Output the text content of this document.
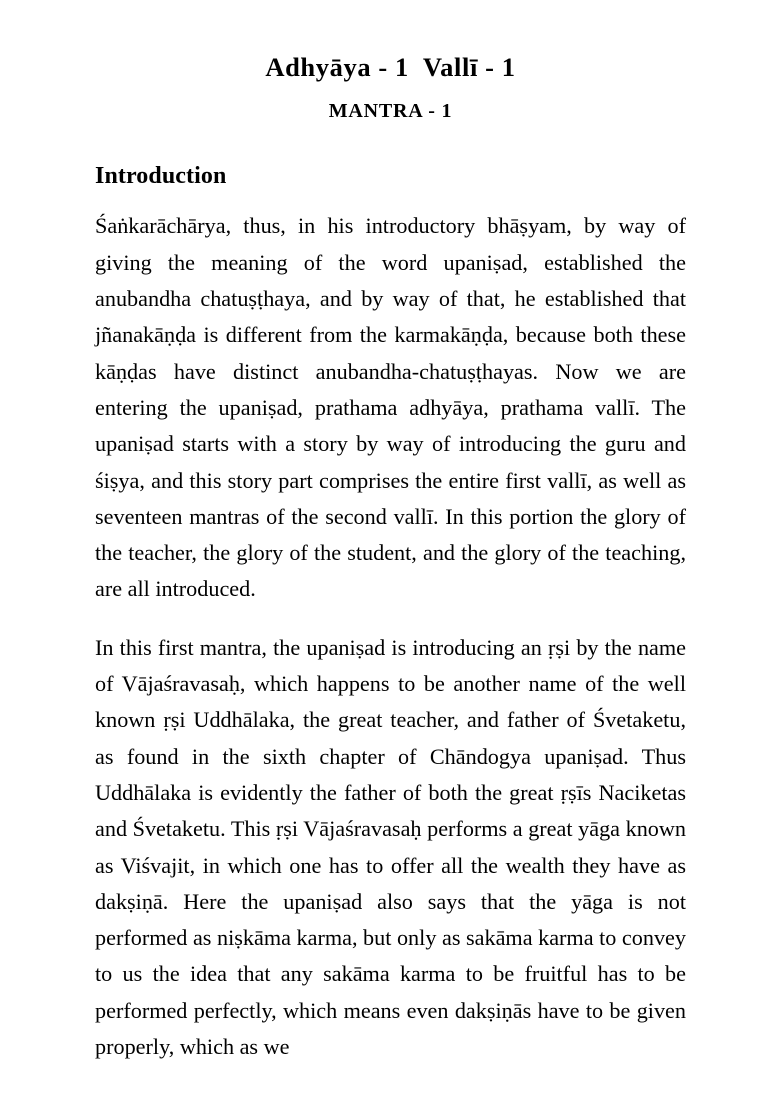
Adhyāya - 1  Vallī - 1
MANTRA - 1
Introduction

Śaṅkarāchārya, thus, in his introductory bhāṣyam, by way of giving the meaning of the word upaniṣad, established the anubandha chatuṣṭhaya, and by way of that, he established that jñanakāṇḍa is different from the karmakāṇḍa, because both these kāṇḍas have distinct anubandha-chatuṣṭhayas. Now we are entering the upaniṣad, prathama adhyāya, prathama vallī. The upaniṣad starts with a story by way of introducing the guru and śiṣya, and this story part comprises the entire first vallī, as well as seventeen mantras of the second vallī. In this portion the glory of the teacher, the glory of the student, and the glory of the teaching, are all introduced.

In this first mantra, the upaniṣad is introducing an ṛṣi by the name of Vājaśravasaḥ, which happens to be another name of the well known ṛṣi Uddhālaka, the great teacher, and father of Śvetaketu, as found in the sixth chapter of Chāndogya upaniṣad. Thus Uddhālaka is evidently the father of both the great ṛṣīs Naciketas and Śvetaketu. This ṛṣi Vājaśravasaḥ performs a great yāga known as Viśvajit, in which one has to offer all the wealth they have as dakṣiṇā. Here the upaniṣad also says that the yāga is not performed as niṣkāma karma, but only as sakāma karma to convey to us the idea that any sakāma karma to be fruitful has to be performed perfectly, which means even dakṣiṇās have to be given properly, which as we
